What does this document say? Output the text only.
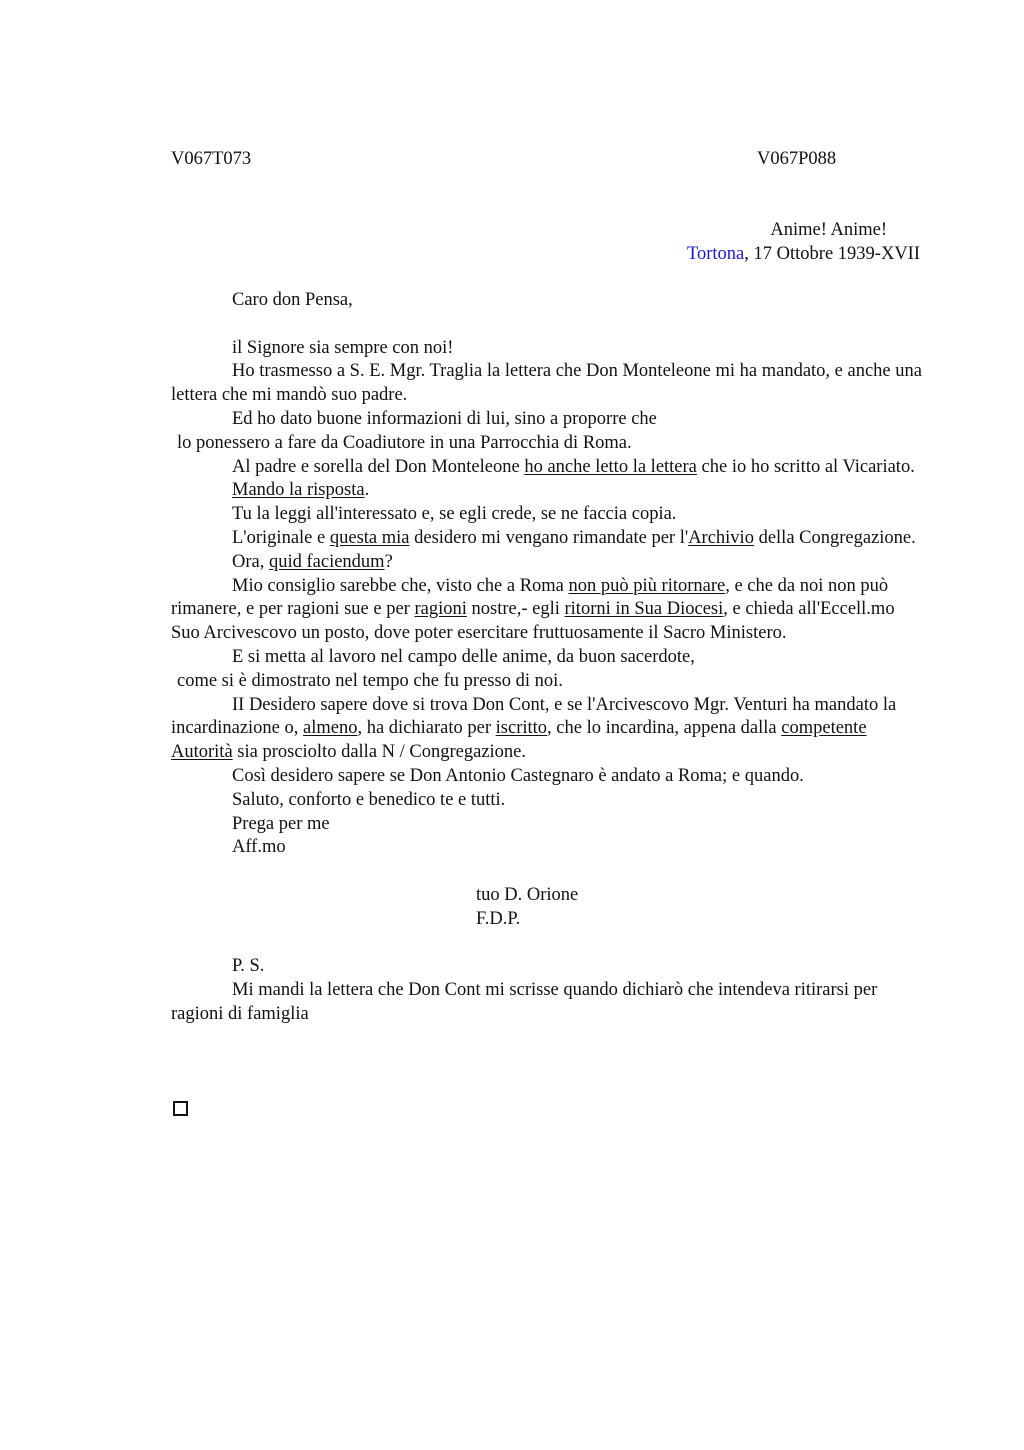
V067T073	V067P088
Anime! Anime!
Tortona, 17 Ottobre 1939-XVII

Caro don Pensa,

il Signore sia sempre con noi!

Ho trasmesso a S. E. Mgr. Traglia la lettera che Don Monteleone mi ha mandato, e anche una lettera che mi mandò suo padre.

Ed ho dato buone informazioni di lui, sino a proporre che

lo ponessero a fare da Coadiutore in una Parrocchia di Roma.

Al padre e sorella del Don Monteleone ho anche letto la lettera che io ho scritto al Vicariato.

Mando la risposta.

Tu la leggi all'interessato e, se egli crede, se ne faccia copia.

L'originale e questa mia desidero mi vengano rimandate per l'Archivio della Congregazione.

Ora, quid faciendum?

Mio consiglio sarebbe che, visto che a Roma non può più ritornare, e che da noi non può rimanere, e per ragioni sue e per ragioni nostre,- egli ritorni in Sua Diocesi, e chieda all'Eccell.mo Suo Arcivescovo un posto, dove poter esercitare fruttuosamente il Sacro Ministero.

E si metta al lavoro nel campo delle anime, da buon sacerdote,

come si è dimostrato nel tempo che fu presso di noi.

II Desidero sapere dove si trova Don Cont, e se l'Arcivescovo Mgr. Venturi ha mandato la incardinazione o, almeno, ha dichiarato per iscritto, che lo incardina, appena dalla competente Autorità sia prosciolto dalla N / Congregazione.

Così desidero sapere se Don Antonio Castegnaro è andato a Roma; e quando.

Saluto, conforto e benedico te e tutti.

Prega per me

Aff.mo

tuo D. Orione

F.D.P.

P. S.

Mi mandi la lettera che Don Cont mi scrisse quando dichiarò che intendeva ritirarsi per ragioni di famiglia
